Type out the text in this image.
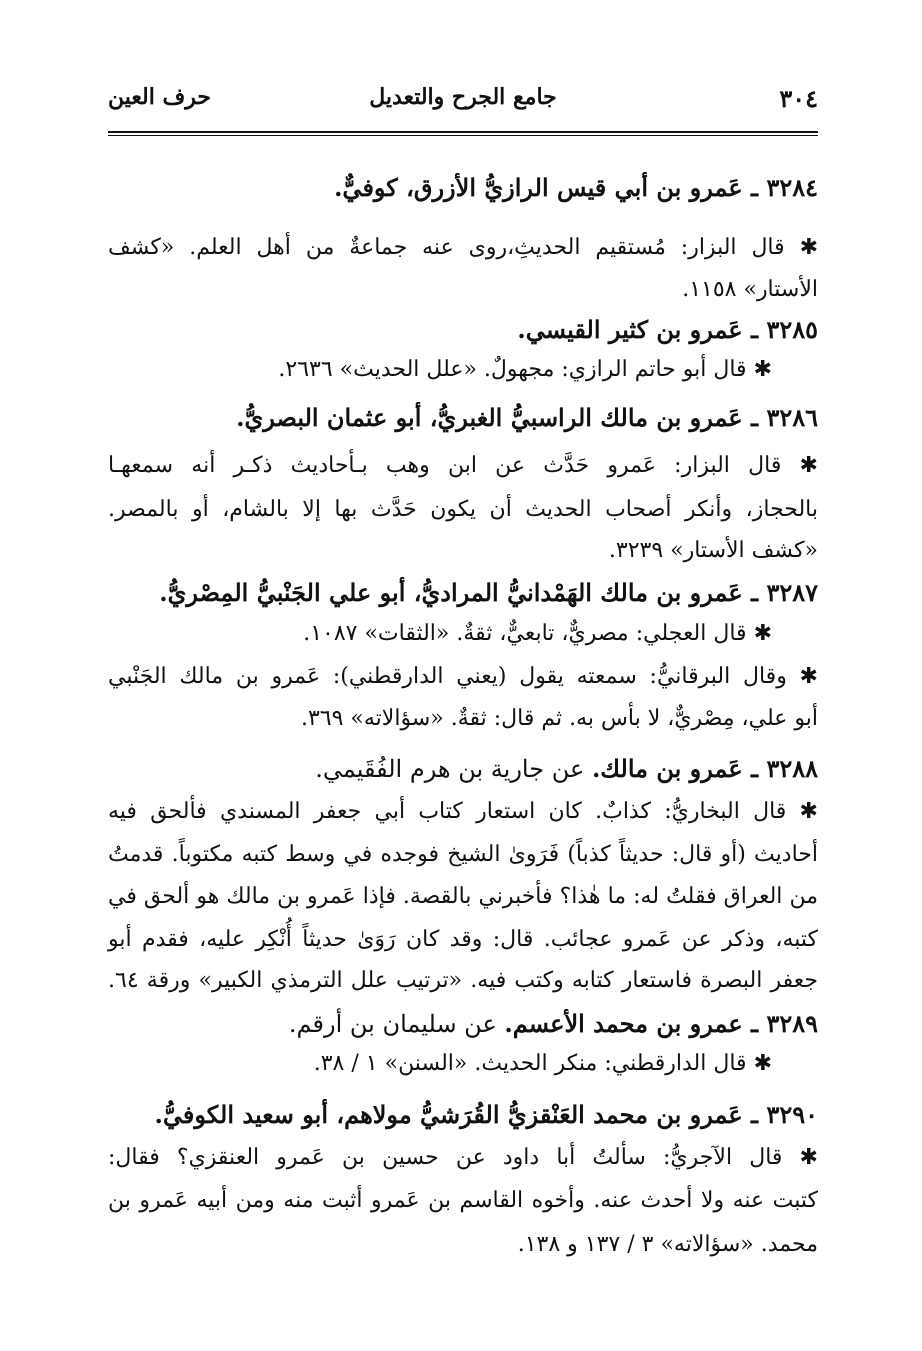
٣٠٤
جامع الجرح والتعديل
حرف العين
٣٢٨٤ ـ عَمرو بن أبي قيس الرازيُّ الأزرق، كوفيٌّ.
✱ قال البزار: مُستقيم الحديثِ،روى عنه جماعةٌ من أهل العلم. «كشف
الأستار» ١١٥٨.
٣٢٨٥ ـ عَمرو بن كثير القيسي.
✱ قال أبو حاتم الرازي: مجهولٌ. «علل الحديث» ٢٦٣٦.
٣٢٨٦ ـ عَمرو بن مالك الراسبيُّ الغبريُّ، أبو عثمان البصريُّ.
✱ قال البزار: عَمرو حَدَّث عن ابن وهب بـأحاديث ذكـر أنه سمعهـا
بالحجاز، وأنكر أصحاب الحديث أن يكون حَدَّث بها إلا بالشام، أو بالمصر.
«كشف الأستار» ٣٢٣٩.
٣٢٨٧ ـ عَمرو بن مالك الهَمْدانيُّ المراديُّ، أبو علي الجَنْبيُّ المِصْريُّ.
✱ قال العجلي: مصريٌّ، تابعيٌّ، ثقةٌ. «الثقات» ١٠٨٧.
✱ وقال البرقانيُّ: سمعته يقول (يعني الدارقطني): عَمرو بن مالك الجَنْبي
أبو علي، مِصْريٌّ، لا بأس به. ثم قال: ثقةٌ. «سؤالاته» ٣٦٩.
٣٢٨٨ ـ عَمرو بن مالك. عن جارية بن هرم الفُقَيمي.
✱ قال البخاريُّ: كذابٌ. كان استعار كتاب أبي جعفر المسندي فألحق فيه
أحاديث (أو قال: حديثاً كذباً) فَرَوىٰ الشيخ فوجده في وسط كتبه مكتوباً. قدمتُ
من العراق فقلتُ له: ما هٰذا؟ فأخبرني بالقصة. فإذا عَمرو بن مالك هو ألحق في
كتبه، وذكر عن عَمرو عجائب. قال: وقد كان رَوَىٰ حديثاً أُنْكِر عليه، فقدم أبو
جعفر البصرة فاستعار كتابه وكتب فيه. «ترتيب علل الترمذي الكبير» ورقة ٦٤.
٣٢٨٩ ـ عمرو بن محمد الأعسم. عن سليمان بن أرقم.
✱ قال الدارقطني: منكر الحديث. «السنن» ١ / ٣٨.
٣٢٩٠ ـ عَمرو بن محمد العَنْقزيُّ القُرَشيُّ مولاهم، أبو سعيد الكوفيُّ.
✱ قال الآجريُّ: سألتُ أبا داود عن حسين بن عَمرو العنقزي؟ فقال:
كتبت عنه ولا أحدث عنه. وأخوه القاسم بن عَمرو أثبت منه ومن أبيه عَمرو بن
محمد. «سؤالاته» ٣ / ١٣٧ و ١٣٨.
